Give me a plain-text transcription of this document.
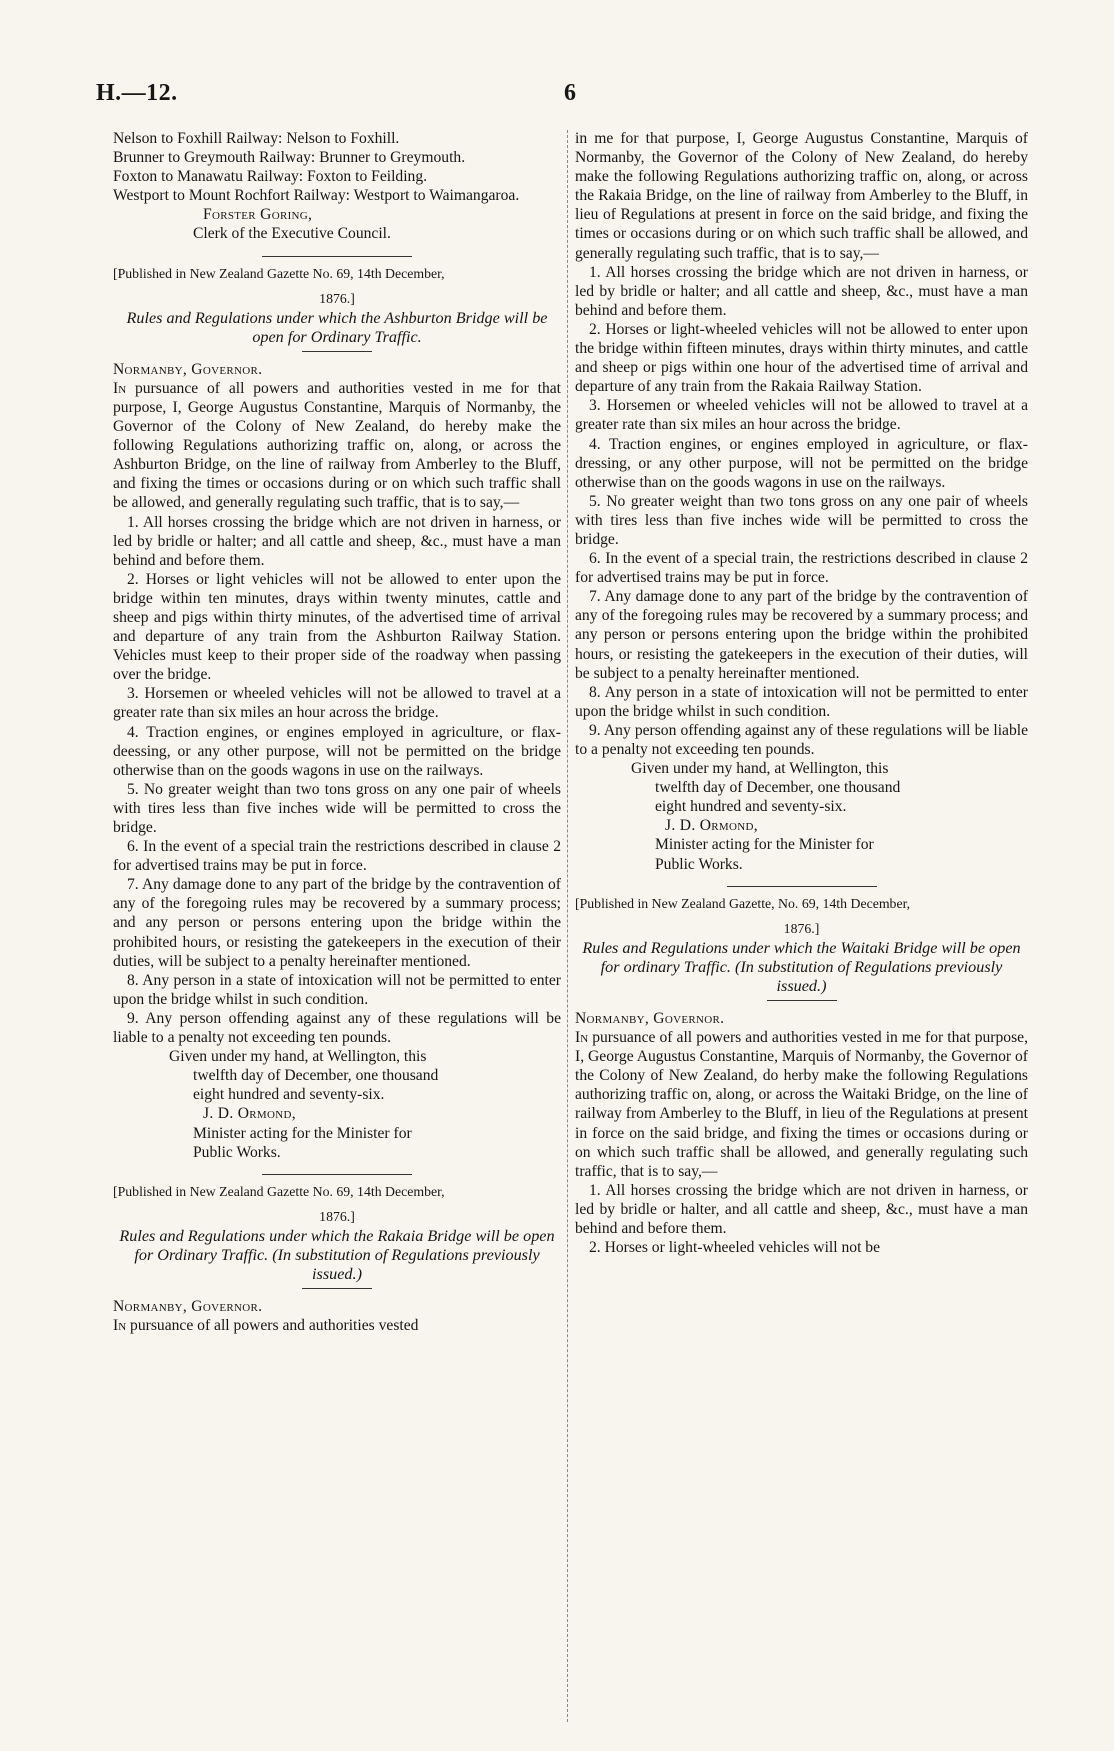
H.—12.	6

Nelson to Foxhill Railway: Nelson to Foxhill.

Brunner to Greymouth Railway: Brunner to Greymouth.

Foxton to Manawatu Railway: Foxton to Feilding.

Westport to Mount Rochfort Railway: Westport to Waimangaroa.

Forster Goring,

Clerk of the Executive Council.

[Published in New Zealand Gazette No. 69, 14th December,

1876.]

Rules and Regulations under which the Ashburton Bridge will be open for Ordinary Traffic.

Normanby, Governor.

In pursuance of all powers and authorities vested in me for that purpose, I, George Augustus Constantine, Marquis of Normanby, the Governor of the Colony of New Zealand, do hereby make the following Regulations authorizing traffic on, along, or across the Ashburton Bridge, on the line of railway from Amberley to the Bluff, and fixing the times or occasions during or on which such traffic shall be allowed, and generally regulating such traffic, that is to say,—

1. All horses crossing the bridge which are not driven in harness, or led by bridle or halter; and all cattle and sheep, &c., must have a man behind and before them.

2. Horses or light vehicles will not be allowed to enter upon the bridge within ten minutes, drays within twenty minutes, cattle and sheep and pigs within thirty minutes, of the advertised time of arrival and departure of any train from the Ashburton Railway Station. Vehicles must keep to their proper side of the roadway when passing over the bridge.

3. Horsemen or wheeled vehicles will not be allowed to travel at a greater rate than six miles an hour across the bridge.

4. Traction engines, or engines employed in agriculture, or flax-deessing, or any other purpose, will not be permitted on the bridge otherwise than on the goods wagons in use on the railways.

5. No greater weight than two tons gross on any one pair of wheels with tires less than five inches wide will be permitted to cross the bridge.

6. In the event of a special train the restrictions described in clause 2 for advertised trains may be put in force.

7. Any damage done to any part of the bridge by the contravention of any of the foregoing rules may be recovered by a summary process; and any person or persons entering upon the bridge within the prohibited hours, or resisting the gatekeepers in the execution of their duties, will be subject to a penalty hereinafter mentioned.

8. Any person in a state of intoxication will not be permitted to enter upon the bridge whilst in such condition.

9. Any person offending against any of these regulations will be liable to a penalty not exceeding ten pounds.

Given under my hand, at Wellington, this

twelfth day of December, one thousand

eight hundred and seventy-six.

J. D. Ormond,

Minister acting for the Minister for

Public Works.

[Published in New Zealand Gazette No. 69, 14th December,

1876.]

Rules and Regulations under which the Rakaia Bridge will be open for Ordinary Traffic. (In substitution of Regulations previously issued.)

Normanby, Governor.

In pursuance of all powers and authorities vested

in me for that purpose, I, George Augustus Constantine, Marquis of Normanby, the Governor of the Colony of New Zealand, do hereby make the following Regulations authorizing traffic on, along, or across the Rakaia Bridge, on the line of railway from Amberley to the Bluff, in lieu of Regulations at present in force on the said bridge, and fixing the times or occasions during or on which such traffic shall be allowed, and generally regulating such traffic, that is to say,—

1. All horses crossing the bridge which are not driven in harness, or led by bridle or halter; and all cattle and sheep, &c., must have a man behind and before them.

2. Horses or light-wheeled vehicles will not be allowed to enter upon the bridge within fifteen minutes, drays within thirty minutes, and cattle and sheep or pigs within one hour of the advertised time of arrival and departure of any train from the Rakaia Railway Station.

3. Horsemen or wheeled vehicles will not be allowed to travel at a greater rate than six miles an hour across the bridge.

4. Traction engines, or engines employed in agriculture, or flax-dressing, or any other purpose, will not be permitted on the bridge otherwise than on the goods wagons in use on the railways.

5. No greater weight than two tons gross on any one pair of wheels with tires less than five inches wide will be permitted to cross the bridge.

6. In the event of a special train, the restrictions described in clause 2 for advertised trains may be put in force.

7. Any damage done to any part of the bridge by the contravention of any of the foregoing rules may be recovered by a summary process; and any person or persons entering upon the bridge within the prohibited hours, or resisting the gatekeepers in the execution of their duties, will be subject to a penalty hereinafter mentioned.

8. Any person in a state of intoxication will not be permitted to enter upon the bridge whilst in such condition.

9. Any person offending against any of these regulations will be liable to a penalty not exceeding ten pounds.

Given under my hand, at Wellington, this

twelfth day of December, one thousand

eight hundred and seventy-six.

J. D. Ormond,

Minister acting for the Minister for

Public Works.

[Published in New Zealand Gazette, No. 69, 14th December,

1876.]

Rules and Regulations under which the Waitaki Bridge will be open for ordinary Traffic. (In substitution of Regulations previously issued.)

Normanby, Governor.

In pursuance of all powers and authorities vested in me for that purpose, I, George Augustus Constantine, Marquis of Normanby, the Governor of the Colony of New Zealand, do herby make the following Regulations authorizing traffic on, along, or across the Waitaki Bridge, on the line of railway from Amberley to the Bluff, in lieu of the Regulations at present in force on the said bridge, and fixing the times or occasions during or on which such traffic shall be allowed, and generally regulating such traffic, that is to say,—

1. All horses crossing the bridge which are not driven in harness, or led by bridle or halter, and all cattle and sheep, &c., must have a man behind and before them.

2. Horses or light-wheeled vehicles will not be
